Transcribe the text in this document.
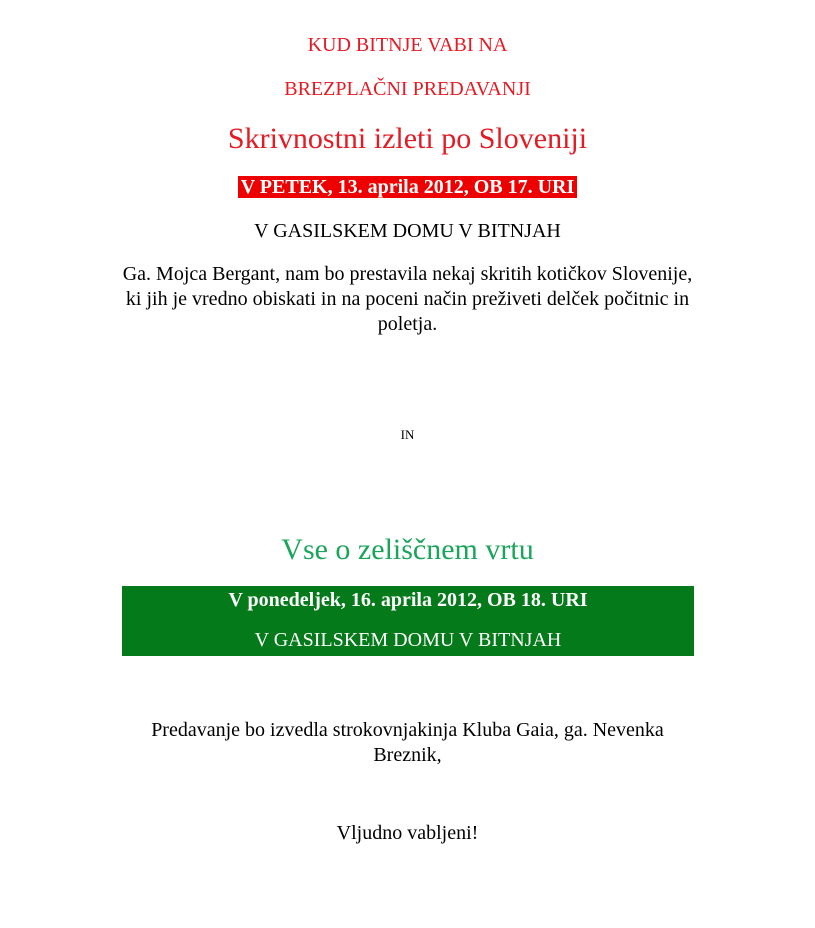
KUD BITNJE VABI NA
BREZPLAČNI PREDAVANJI
Skrivnostni izleti po Sloveniji
V PETEK, 13. aprila 2012, OB 17. URI
V GASILSKEM DOMU V BITNJAH
Ga. Mojca Bergant, nam bo prestavila nekaj skritih kotičkov Slovenije, ki jih je vredno obiskati in na poceni način preživeti delček počitnic in poletja.
IN
Vse o zeliščnem vrtu
V ponedeljek, 16. aprila 2012, OB 18. URI
V GASILSKEM DOMU V BITNJAH
Predavanje bo izvedla strokovnjakinja Kluba Gaia, ga. Nevenka Breznik,
Vljudno vabljeni!
